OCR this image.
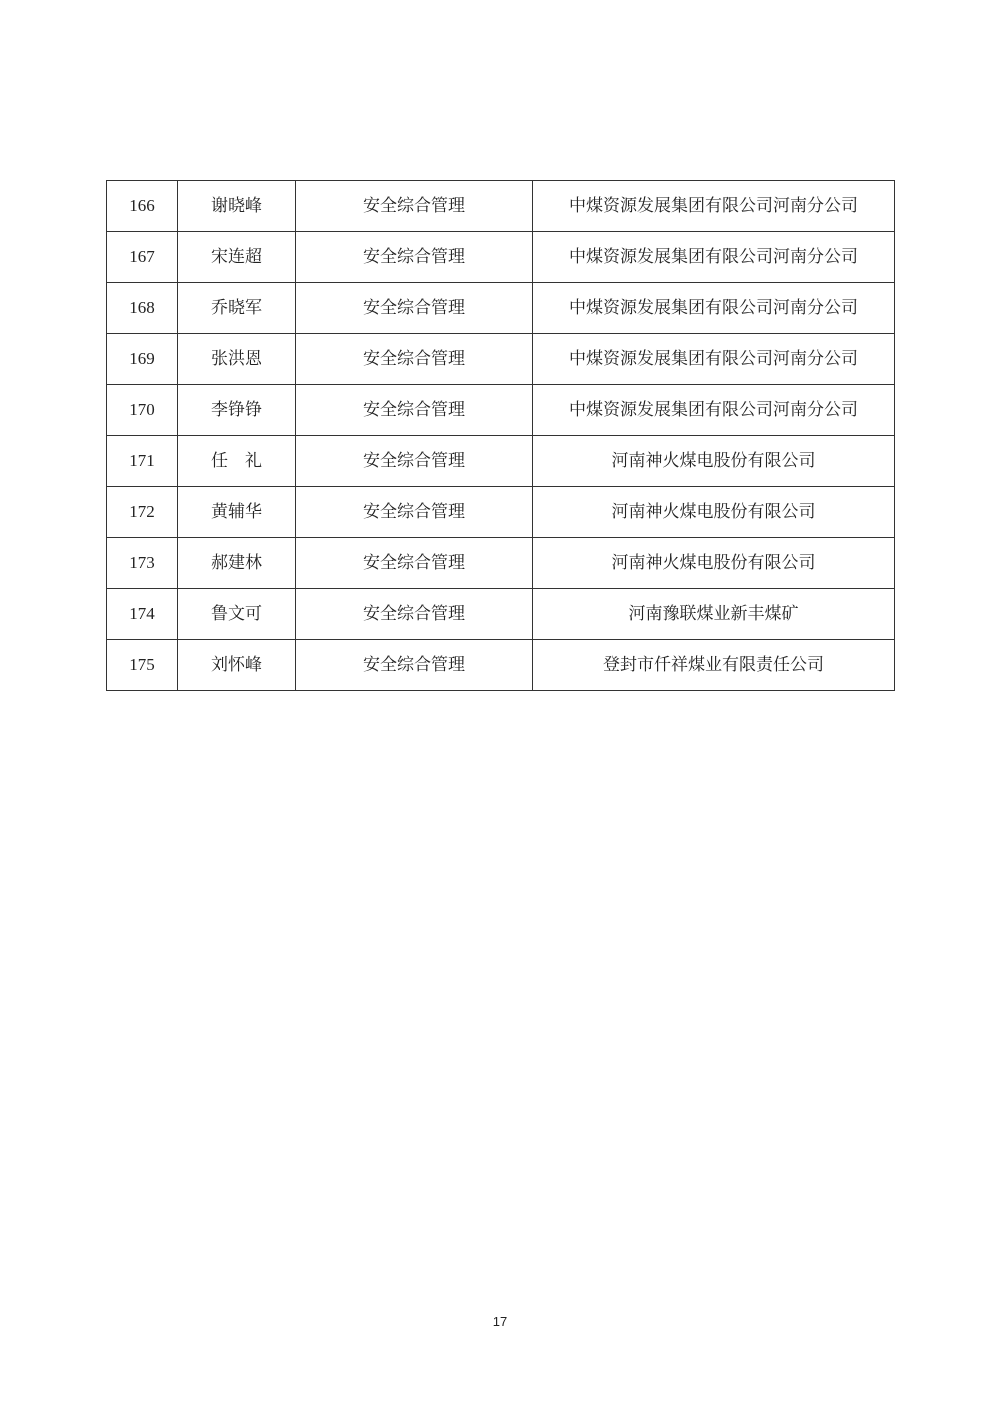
166	谢晓峰	安全综合管理	中煤资源发展集团有限公司河南分公司
167	宋连超	安全综合管理	中煤资源发展集团有限公司河南分公司
168	乔晓军	安全综合管理	中煤资源发展集团有限公司河南分公司
169	张洪恩	安全综合管理	中煤资源发展集团有限公司河南分公司
170	李铮铮	安全综合管理	中煤资源发展集团有限公司河南分公司
171	任　礼	安全综合管理	河南神火煤电股份有限公司
172	黄辅华	安全综合管理	河南神火煤电股份有限公司
173	郝建林	安全综合管理	河南神火煤电股份有限公司
174	鲁文可	安全综合管理	河南豫联煤业新丰煤矿
175	刘怀峰	安全综合管理	登封市仟祥煤业有限责任公司
17
